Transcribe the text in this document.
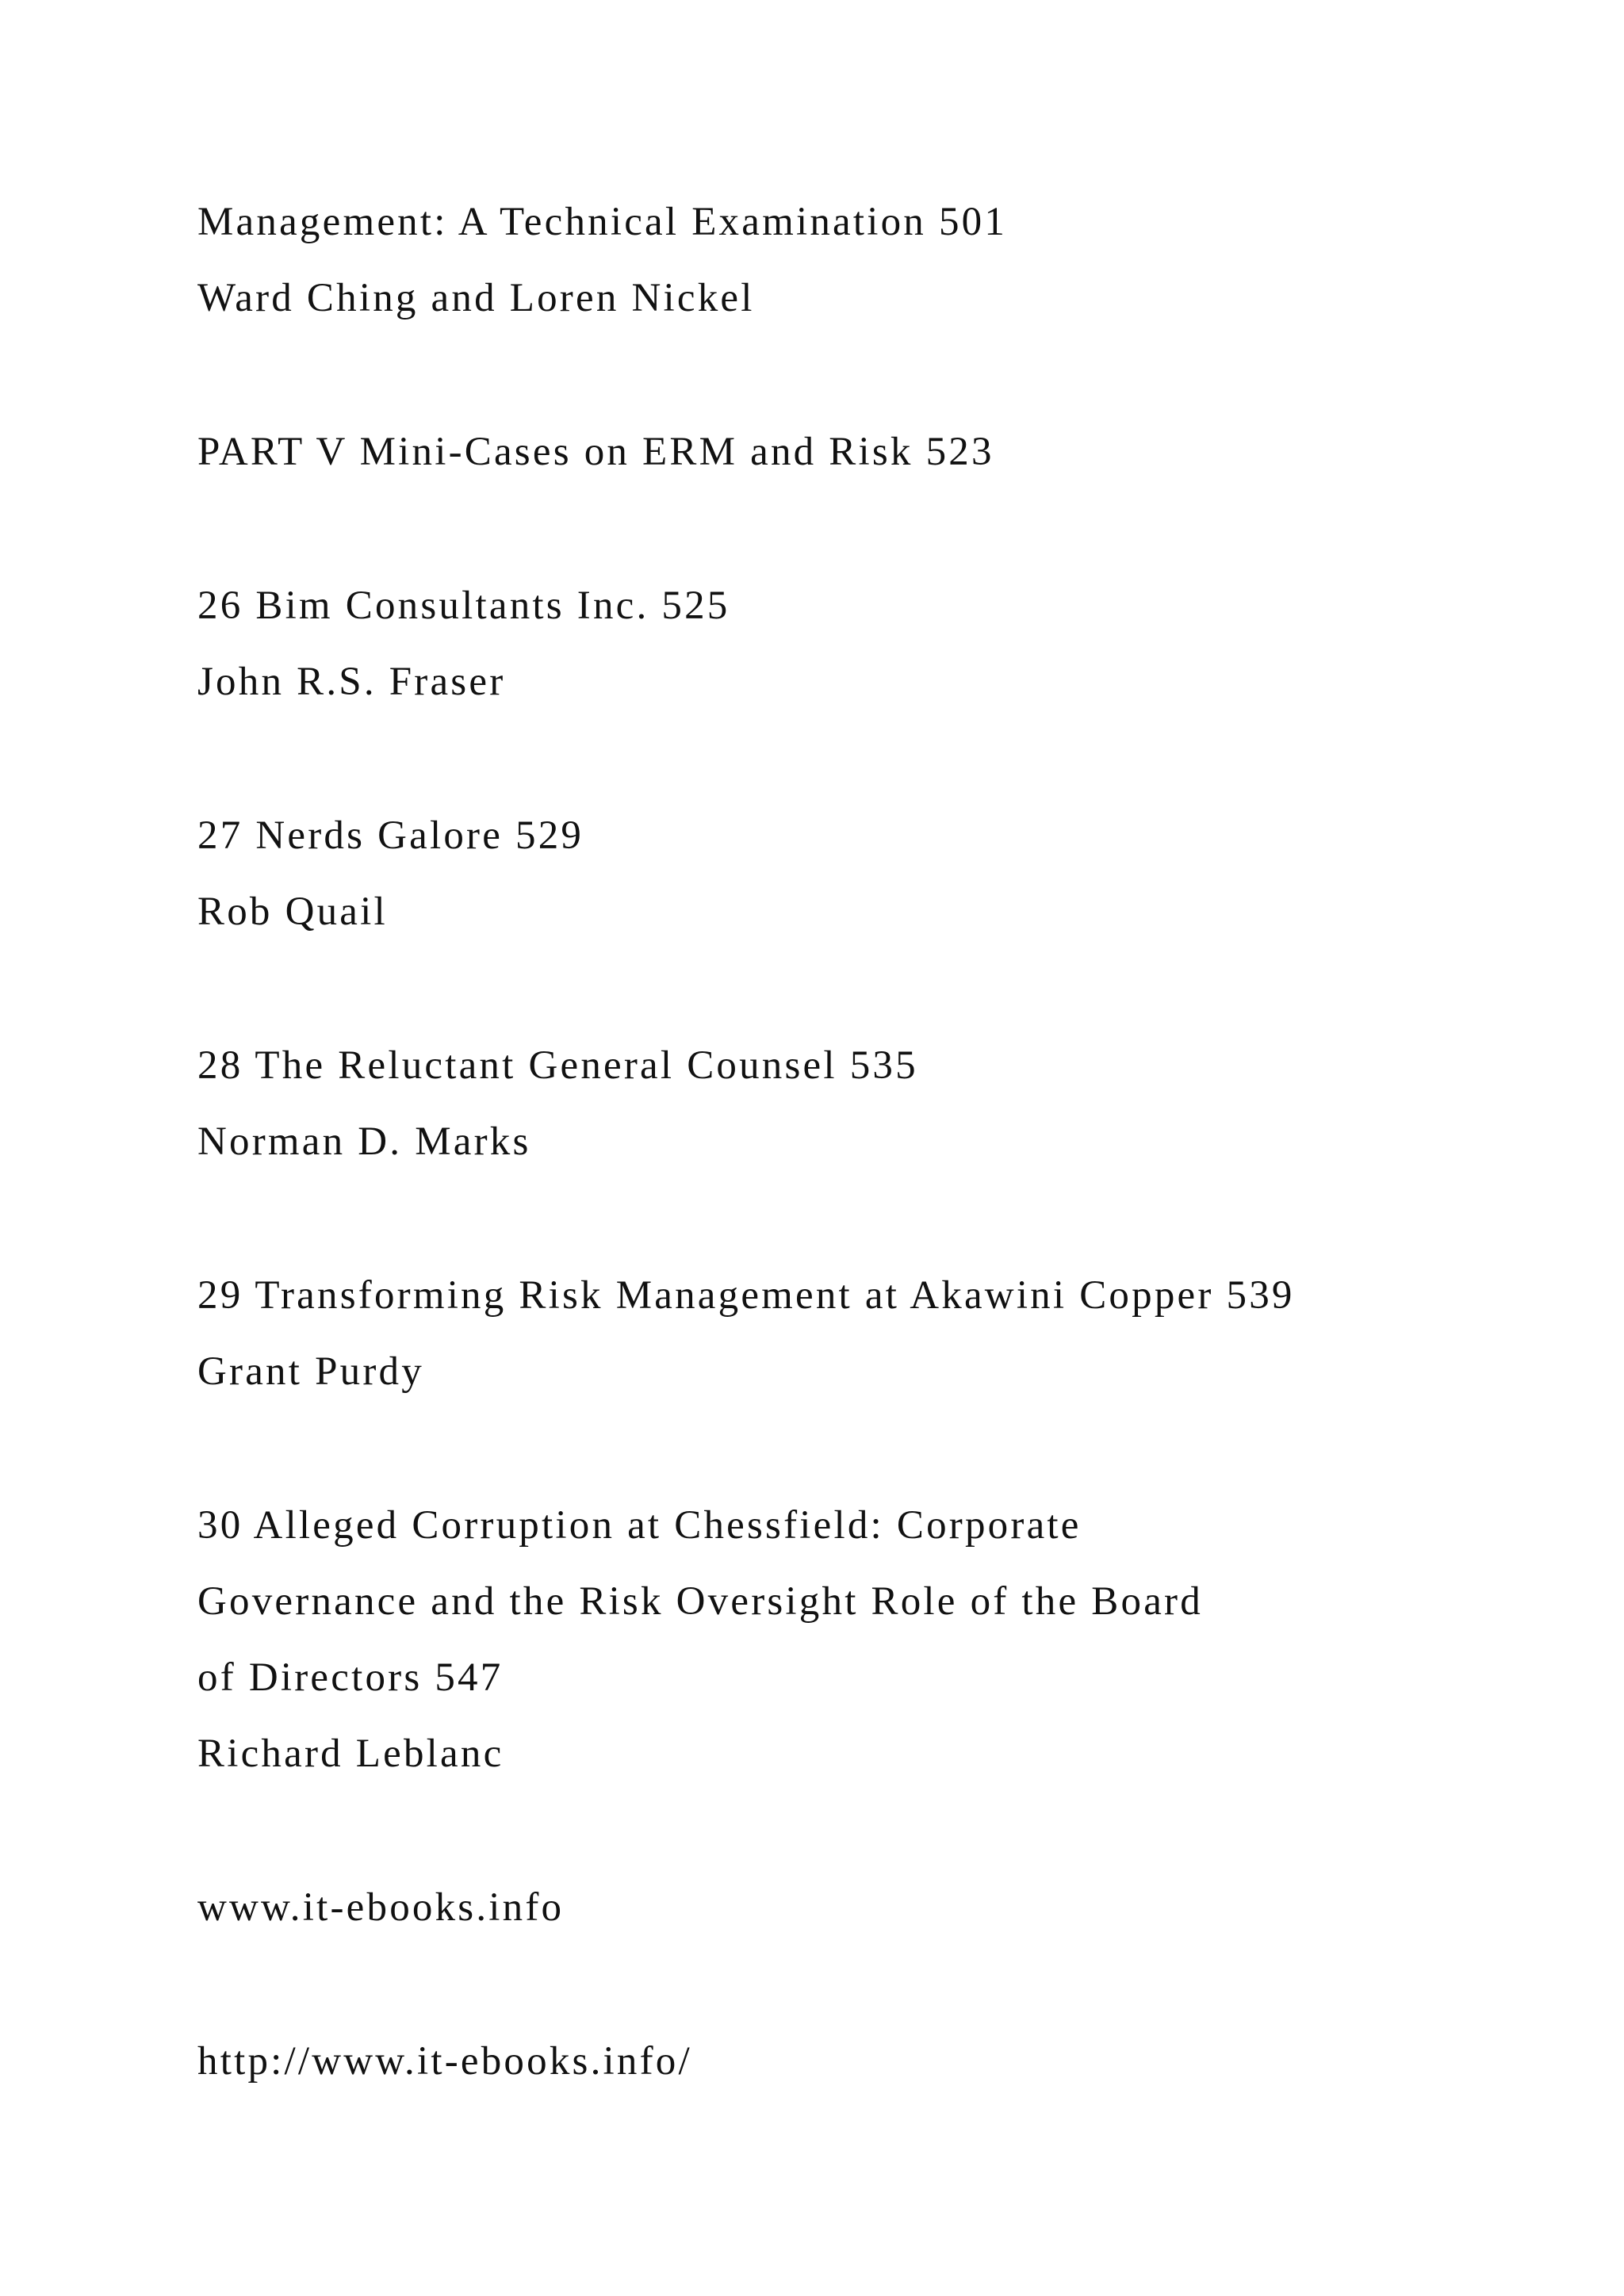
Management: A Technical Examination 501
Ward Ching and Loren Nickel
PART V Mini-Cases on ERM and Risk 523
26 Bim Consultants Inc. 525
John R.S. Fraser
27 Nerds Galore 529
Rob Quail
28 The Reluctant General Counsel 535
Norman D. Marks
29 Transforming Risk Management at Akawini Copper 539
Grant Purdy
30 Alleged Corruption at Chessfield: Corporate
Governance and the Risk Oversight Role of the Board
of Directors 547
Richard Leblanc
www.it-ebooks.info
http://www.it-ebooks.info/
